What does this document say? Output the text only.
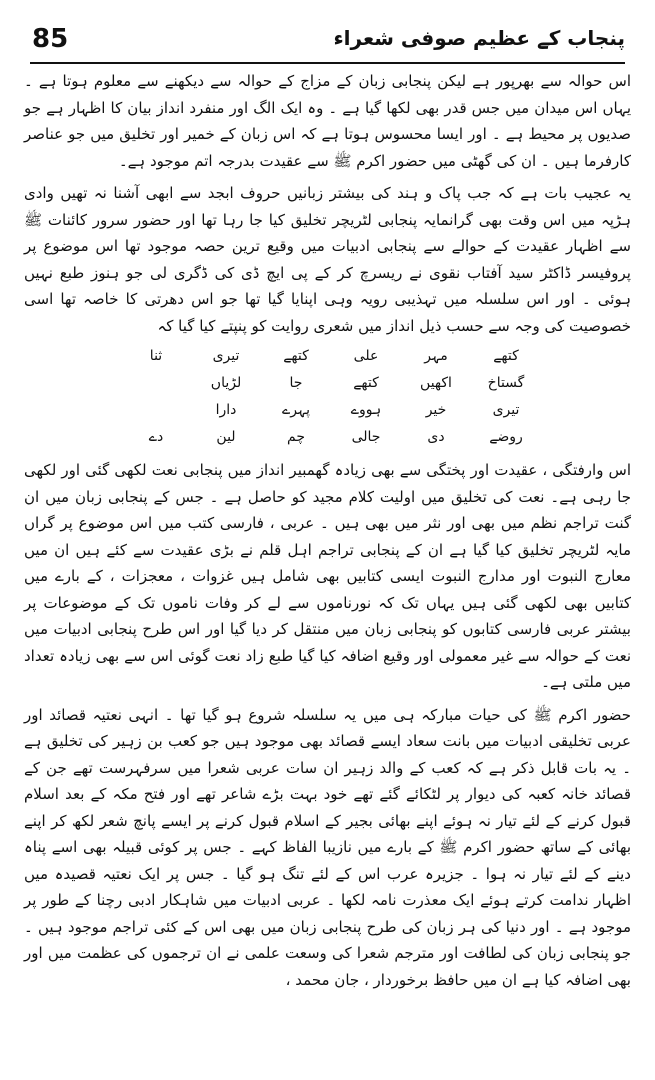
85	پنجاب کے عظیم صوفی شعراء

اس حوالہ سے بھرپور ہے لیکن پنجابی زبان کے مزاج کے حوالہ سے دیکھنے سے معلوم ہوتا ہے ۔ یہاں اس میدان میں جس قدر بھی لکھا گیا ہے ۔ وہ ایک الگ اور منفرد انداز بیان کا اظہار ہے جو صدیوں پر محیط ہے ۔ اور ایسا محسوس ہوتا ہے کہ اس زبان کے خمیر اور تخلیق میں جو عناصر کارفرما ہیں ۔ ان کی گھٹی میں حضور اکرم ﷺ سے عقیدت بدرجہ اتم موجود ہے۔

یہ عجیب بات ہے کہ جب پاک و ہند کی بیشتر زبانیں حروف ابجد سے ابھی آشنا نہ تھیں وادی ہڑپہ میں اس وقت بھی گرانمایہ پنجابی لٹریچر تخلیق کیا جا رہا تھا اور حضور سرور کائنات ﷺ سے اظہار عقیدت کے حوالے سے پنجابی ادبیات میں وقیع ترین حصہ موجود تھا اس موضوع پر پروفیسر ڈاکٹر سید آفتاب نقوی نے ریسرچ کر کے پی ایچ ڈی کی ڈگری لی جو ہنوز طبع نہیں ہوئی ۔ اور اس سلسلہ میں تہذیبی رویہ وہی اپنایا گیا تھا جو اس دھرتی کا خاصہ تھا اسی خصوصیت کی وجہ سے حسب ذیل انداز میں شعری روایت کو پنپتے کیا گیا کہ

کتھے
مہر
علی
کتھے
تیری
ثنا
گستاخ
اکھیں
کتھے
جا
لڑیاں
تیری
خیر
ہووے
پہرے
دارا
روضے
دی
جالی
چم
لین
دے

اس وارفتگی ، عقیدت اور پختگی سے بھی زیادہ گھمبیر انداز میں پنجابی نعت لکھی گئی اور لکھی جا رہی ہے۔ نعت کی تخلیق میں اولیت کلام مجید کو حاصل ہے ۔ جس کے پنجابی زبان میں ان گنت تراجم نظم میں بھی اور نثر میں بھی ہیں ۔ عربی ، فارسی کتب میں اس موضوع پر گراں مایہ لٹریچر تخلیق کیا گیا ہے ان کے پنجابی تراجم اہل قلم نے بڑی عقیدت سے کئے ہیں ان میں معارج النبوت اور مدارج النبوت ایسی کتابیں بھی شامل ہیں غزوات ، معجزات ، کے بارے میں کتابیں بھی لکھی گئی ہیں یہاں تک کہ نورناموں سے لے کر وفات ناموں تک کے موضوعات پر بیشتر عربی فارسی کتابوں کو پنجابی زبان میں منتقل کر دیا گیا اور اس طرح پنجابی ادبیات میں نعت کے حوالہ سے غیر معمولی اور وقیع اضافہ کیا گیا طبع زاد نعت گوئی اس سے بھی زیادہ تعداد میں ملتی ہے۔

حضور اکرم ﷺ کی حیات مبارکہ ہی میں یہ سلسلہ شروع ہو گیا تھا ۔ انہی نعتیہ قصائد اور عربی تخلیقی ادبیات میں بانت سعاد ایسے قصائد بھی موجود ہیں جو کعب بن زہیر کی تخلیق ہے ۔ یہ بات قابل ذکر ہے کہ کعب کے والد زہیر ان سات عربی شعرا میں سرفہرست تھے جن کے قصائد خانہ کعبہ کی دیوار پر لٹکائے گئے تھے خود بہت بڑے شاعر تھے اور فتح مکہ کے بعد اسلام قبول کرنے کے لئے تیار نہ ہوئے اپنے بھائی بجیر کے اسلام قبول کرنے پر ایسے پانچ شعر لکھ کر اپنے بھائی کے ساتھ حضور اکرم ﷺ کے بارے میں نازیبا الفاظ کہے ۔ جس پر کوئی قبیلہ بھی اسے پناہ دینے کے لئے تیار نہ ہوا ۔ جزیرہ عرب اس کے لئے تنگ ہو گیا ۔ جس پر ایک نعتیہ قصیدہ میں اظہار ندامت کرتے ہوئے ایک معذرت نامہ لکھا ۔ عربی ادبیات میں شاہکار ادبی رچنا کے طور پر موجود ہے ۔ اور دنیا کی ہر زبان کی طرح پنجابی زبان میں بھی اس کے کئی تراجم موجود ہیں ۔ جو پنجابی زبان کی لطافت اور مترجم شعرا کی وسعت علمی نے ان ترجموں کی عظمت میں اور بھی اضافہ کیا ہے ان میں حافظ برخوردار ، جان محمد ،
